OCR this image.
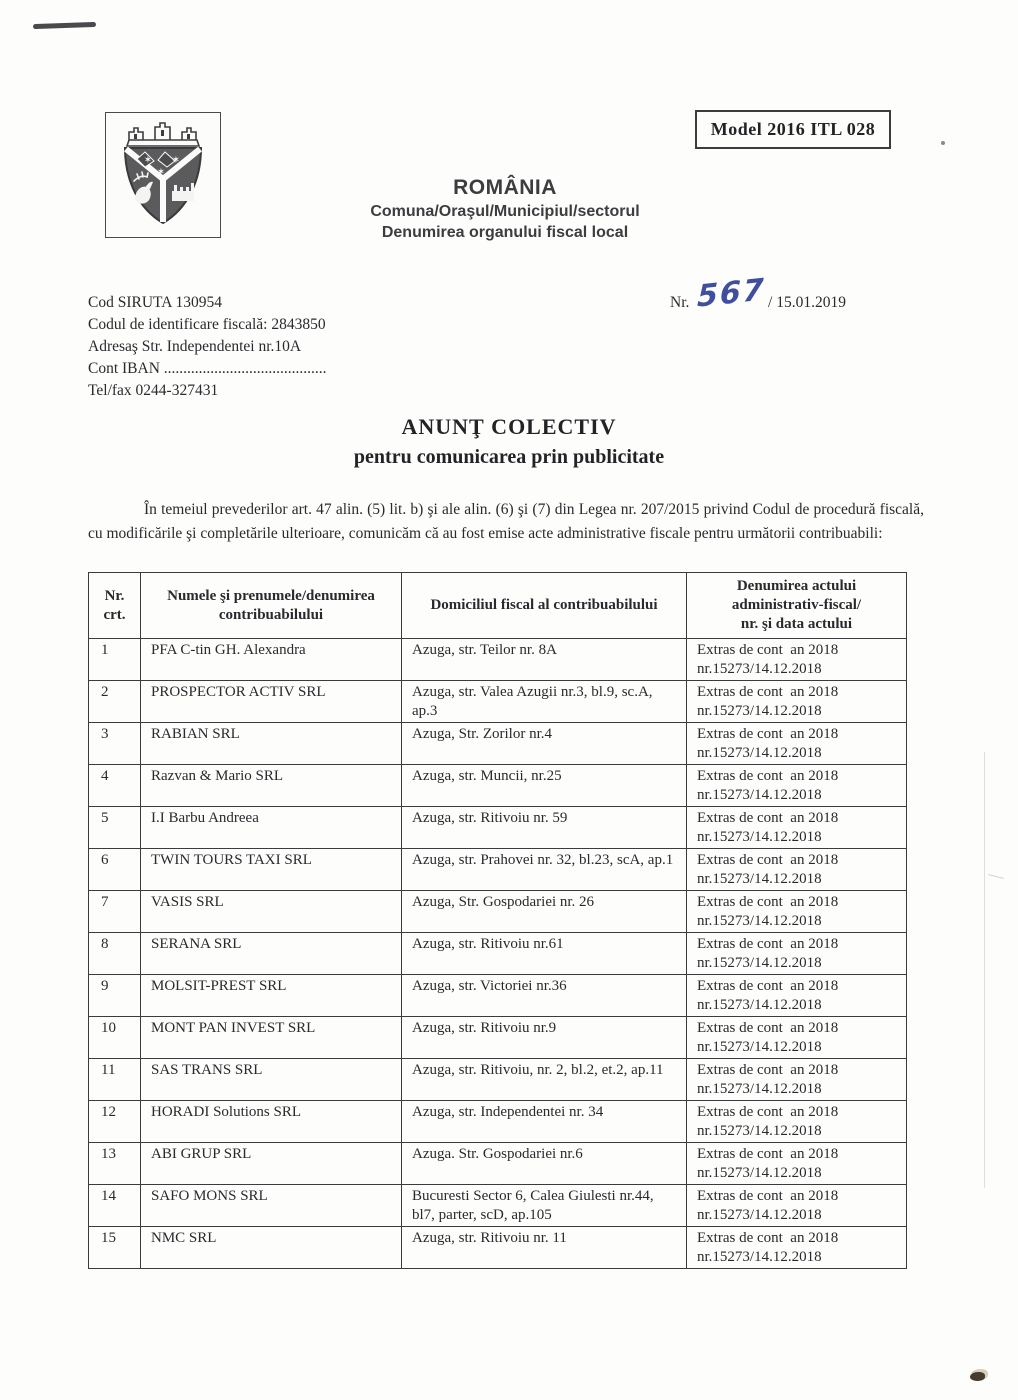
✶ ✶
✶
Model 2016 ITL 028
ROMÂNIA
Comuna/Oraşul/Municipiul/sectorul
Denumirea organului fiscal local
Cod SIRUTA 130954
Codul de identificare fiscală: 2843850
Adresaş Str. Independentei nr.10A
Cont IBAN ..........................................
Tel/fax 0244-327431
Nr. 567 / 15.01.2019
ANUNŢ COLECTIV
pentru comunicarea prin publicitate

În temeiul prevederilor art. 47 alin. (5) lit. b) şi ale alin. (6) şi (7) din Legea nr. 207/2015 privind Codul de procedură fiscală, cu modificările şi completările ulterioare, comunicăm că au fost emise acte administrative fiscale pentru următorii contribuabili:

Nr.
crt.	Numele şi prenumele/denumirea contribuabilului	Domiciliul fiscal al contribuabilului	Denumirea actului
administrativ-fiscal/
nr. şi data actului
1	PFA C-tin GH. Alexandra	Azuga, str. Teilor nr. 8A	Extras de cont  an 2018
nr.15273/14.12.2018

2	PROSPECTOR ACTIV SRL	Azuga, str. Valea Azugii nr.3, bl.9, sc.A, ap.3	Extras de cont  an 2018
nr.15273/14.12.2018

3	RABIAN SRL	Azuga, Str. Zorilor nr.4	Extras de cont  an 2018
nr.15273/14.12.2018

4	Razvan & Mario SRL	Azuga, str. Muncii, nr.25	Extras de cont  an 2018
nr.15273/14.12.2018

5	I.I Barbu Andreea	Azuga, str. Ritivoiu nr. 59	Extras de cont  an 2018
nr.15273/14.12.2018

6	TWIN TOURS TAXI SRL	Azuga, str. Prahovei nr. 32, bl.23, scA, ap.1	Extras de cont  an 2018
nr.15273/14.12.2018

7	VASIS SRL	Azuga, Str. Gospodariei nr. 26	Extras de cont  an 2018
nr.15273/14.12.2018

8	SERANA SRL	Azuga, str. Ritivoiu nr.61	Extras de cont  an 2018
nr.15273/14.12.2018

9	MOLSIT-PREST SRL	Azuga, str. Victoriei nr.36	Extras de cont  an 2018
nr.15273/14.12.2018

10	MONT PAN INVEST SRL	Azuga, str. Ritivoiu nr.9	Extras de cont  an 2018
nr.15273/14.12.2018

11	SAS TRANS SRL	Azuga, str. Ritivoiu, nr. 2, bl.2, et.2, ap.11	Extras de cont  an 2018
nr.15273/14.12.2018

12	HORADI Solutions SRL	Azuga, str. Independentei nr. 34	Extras de cont  an 2018
nr.15273/14.12.2018

13	ABI GRUP SRL	Azuga. Str. Gospodariei nr.6	Extras de cont  an 2018
nr.15273/14.12.2018

14	SAFO MONS SRL	Bucuresti Sector 6, Calea Giulesti nr.44, bl7, parter, scD, ap.105	Extras de cont  an 2018
nr.15273/14.12.2018

15	NMC SRL	Azuga, str. Ritivoiu nr. 11	Extras de cont  an 2018
nr.15273/14.12.2018
